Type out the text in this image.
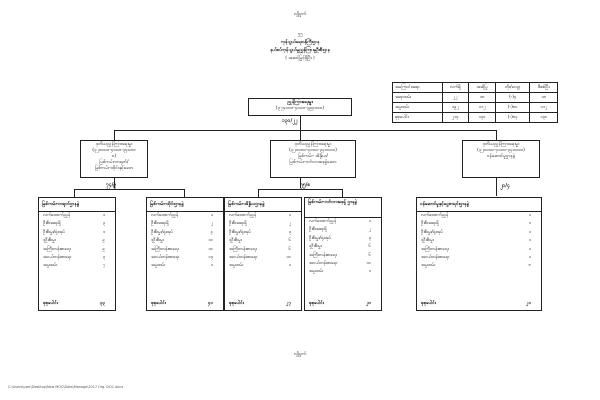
လျှို့ဝှက်
၅၅
ကုန်သွယ်ရေးဝန်ကြီးဌာန
နယ်စပ်ကုန်သွယ်မှုညွှန်ကြားမှုဦးစီးဌာန
( အဆင့်မြှင့်ရှိပြီး )
အကြောင်းအရာ	လက်ရှိ	အဆိုပြု	တိုး/လျော့	စီစစ်ပြီး
အရာထမ်း	၂၂	၁၈	(-)၄	၁၈
အမှုထမ်း	၁၉၂	၁၁၂	(-)၈၀	၁၁၂
စုစုပေါင်း	၂၁၄	၁၃၀	(-)၈၄	၁၃၀
ညွှန်ကြားရေးမှူး
(၃၇၄၀၀၀-၄၀၀၀-၃၉၄၀၀၀)
၁၃၀/၂၂
ဒုတိယညွှန်ကြားရေးမှူး
(၃၂၀၀၀၀-၄၀၀၀-၃၄၀၀၀
၀)
မြစ်ကမ်း-တရုတ်/
မြစ်ကမ်း-ထိုင်းနှင့်ခေတ
၇၄/၉
ဒုတိယညွှန်ကြားရေးမှူး
(၃၂၀၀၀၀-၄၀၀၀-၃၄၀၀၀၀)
မြစ်ကမ်း- အိန္ဒိယ/
မြစ်ကမ်း-ဘင်္ဂလားဒေ့ရှ်ခေတ
၅၅/၈
ဒုတိယညွှန်ကြားရေးမှူး
(၃၂၀၀၀၀-၄၀၀၀-၃၄၀၀၀၀)
ဝန်ဆောင်မှုဌာနခွဲ
၂၁/၄
မြစ်ကမ်း-တရုတ်ဌာနခွဲ
လက်ထောက်ညွှန်	၁
ဦးစီးအရာရှိ	၃
ဦးစီးမှူး/ရုံးအုပ်	၁
ဒုဦးစီးမှူး	၉
အကြီးတန်းစာရေး	၉
အငယ်တန်းစာရေး	၃
အမှုထမ်း	၇
စုစုပေါင်း	၃၃
မြစ်ကမ်း-ထိုင်းဌာနခွဲ
လက်ထောက်ညွှန်	၁
ဦးစီးအရာရှိ	၂
ဦးစီးမှူး/ရုံးအုပ်	၄
ဒုဦးစီးမှူး	၁၀
အကြီးတန်းစာရေး	၁၀
အငယ်တန်းစာရေး	၁၃
အမှုထမ်း	၁
စုစုပေါင်း	၄၁
မြစ်ကမ်း-အိန္ဒိယဌာနခွဲ
လက်ထောက်ညွှန်	၁
ဦးစီးအရာရှိ	၂
ဦးစီးမှူး/ရုံးအုပ်	၃
ဒုဦးစီးမှူး	၆
အကြီးတန်းစာရေး	၆
အငယ်တန်းစာရေး	၁၀
အမှုထမ်း	၁
စုစုပေါင်း	၂၇
မြစ်ကမ်း-ဘင်္ဂလားဒေ့ရှ် ဌာနခွဲ
လက်ထောက်ညွှန်	၁
ဦးစီးအရာရှိ	၂
ဦးစီးမှူး/ရုံးအုပ်	၃
ဒုဦးစီးမှူး	၆
အကြီးတန်းစာရေး	၆
အငယ်တန်းစာရေး	၁၀
အမှုထမ်း	၁
စုစုပေါင်း	၂၈
ဝန်ဆောင်မှုနှင့်ငွေစာရင်းဌာနခွဲ
လက်ထောက်ညွှန်	၁
ဦးစီးအရာရှိ	၁
ဦးစီးမှူး/ရုံးအုပ်	၁
ဒုဦးစီးမှူး	၁
အကြီးတန်းစာရေး	၁
အငယ်တန်းစာရေး	၁
အမှုထမ်း	၈
စုစုပေါင်း	၂၁
လျှို့ဝှက်
C:\Users\user\Desktop\New MOC\Data\Manage\2017 Org. DOC.docx
